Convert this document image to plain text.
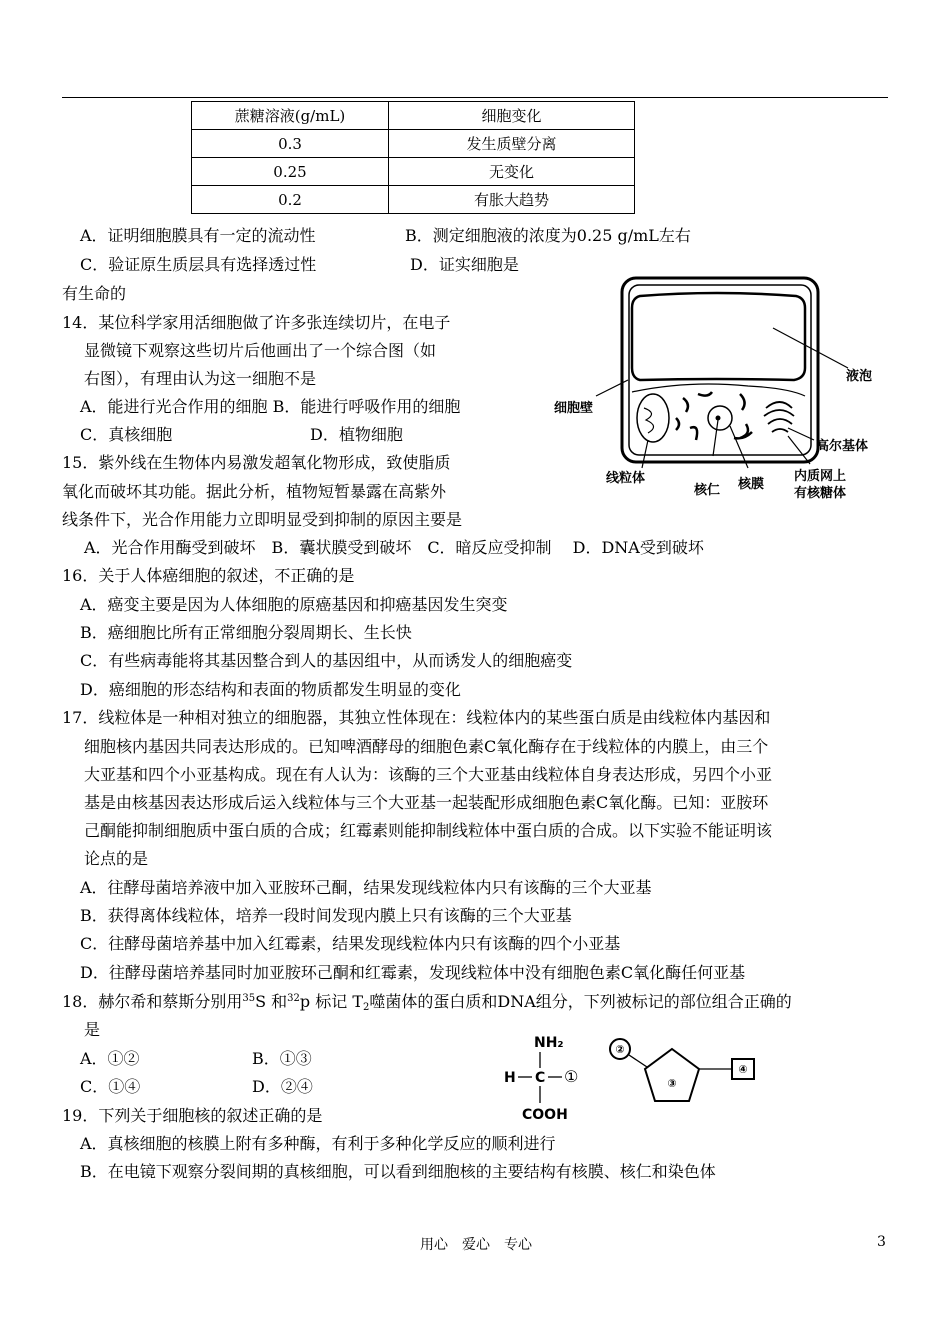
蔗糖溶液(g/mL)	细胞变化
0.3	发生质壁分离
0.25	无变化
0.2	有胀大趋势
A．证明细胞膜具有一定的流动性	B．测定细胞液的浓度为0.25 g/mL左右
C．验证原生质层具有选择透过性	D．证实细胞是
有生命的
14．某位科学家用活细胞做了许多张连续切片，在电子
显微镜下观察这些切片后他画出了一个综合图（如
右图），有理由认为这一细胞不是
A．能进行光合作用的细胞 B．能进行呼吸作用的细胞
C．真核细胞	D．植物细胞
液泡
细胞壁
高尔基体
线粒体
核仁 核膜
内质网上
有核糖体
15．紫外线在生物体内易激发超氧化物形成，致使脂质
氧化而破坏其功能。据此分析，植物短暂暴露在高紫外
线条件下，光合作用能力立即明显受到抑制的原因主要是
A．光合作用酶受到破坏　B．囊状膜受到破坏　C．暗反应受抑制　 D．DNA受到破坏
16．关于人体癌细胞的叙述，不正确的是
A．癌变主要是因为人体细胞的原癌基因和抑癌基因发生突变
B．癌细胞比所有正常细胞分裂周期长、生长快
C．有些病毒能将其基因整合到人的基因组中，从而诱发人的细胞癌变
D．癌细胞的形态结构和表面的物质都发生明显的变化
17．线粒体是一种相对独立的细胞器，其独立性体现在：线粒体内的某些蛋白质是由线粒体内基因和
细胞核内基因共同表达形成的。已知啤酒酵母的细胞色素C氧化酶存在于线粒体的内膜上，由三个
大亚基和四个小亚基构成。现在有人认为：该酶的三个大亚基由线粒体自身表达形成，另四个小亚
基是由核基因表达形成后运入线粒体与三个大亚基一起装配形成细胞色素C氧化酶。已知：亚胺环
己酮能抑制细胞质中蛋白质的合成；红霉素则能抑制线粒体中蛋白质的合成。以下实验不能证明该
论点的是
A．往酵母菌培养液中加入亚胺环己酮，结果发现线粒体内只有该酶的三个大亚基
B．获得离体线粒体，培养一段时间发现内膜上只有该酶的三个大亚基
C．往酵母菌培养基中加入红霉素，结果发现线粒体内只有该酶的四个小亚基
D．往酵母菌培养基同时加亚胺环己酮和红霉素，发现线粒体中没有细胞色素C氧化酶任何亚基
18．赫尔希和蔡斯分别用$^{35}$S 和$^{32}$p 标记 $T_2$噬菌体的蛋白质和DNA组分，下列被标记的部位组合正确的
是
A．①②	B．①③
C．①④	D．②④
NH₂
H C ①
COOH
②
③
④
19．下列关于细胞核的叙述正确的是
A．真核细胞的核膜上附有多种酶，有利于多种化学反应的顺利进行
B．在电镜下观察分裂间期的真核细胞，可以看到细胞核的主要结构有核膜、核仁和染色体
用心　爱心　专心	3
